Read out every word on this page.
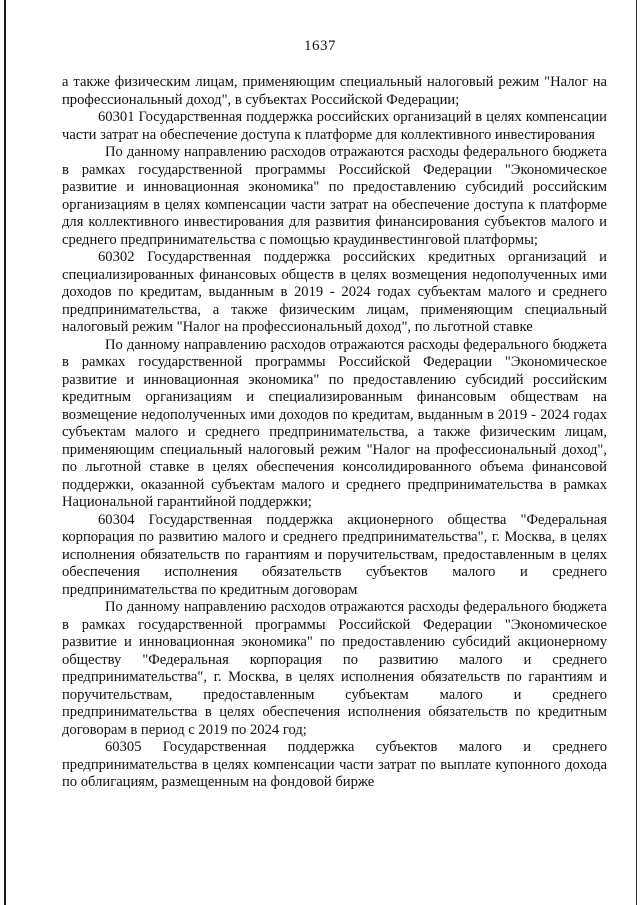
1637

а также физическим лицам, применяющим специальный налоговый режим "Налог на профессиональный доход", в субъектах Российской Федерации;

60301 Государственная поддержка российских организаций в целях компенсации части затрат на обеспечение доступа к платформе для коллективного инвестирования

По данному направлению расходов отражаются расходы федерального бюджета в рамках государственной программы Российской Федерации "Экономическое развитие и инновационная экономика" по предоставлению субсидий российским организациям в целях компенсации части затрат на обеспечение доступа к платформе для коллективного инвестирования для развития финансирования субъектов малого и среднего предпринимательства с помощью краудинвестинговой платформы;

60302 Государственная поддержка российских кредитных организаций и специализированных финансовых обществ в целях возмещения недополученных ими доходов по кредитам, выданным в 2019 - 2024 годах субъектам малого и среднего предпринимательства, а также физическим лицам, применяющим специальный налоговый режим "Налог на профессиональный доход", по льготной ставке

По данному направлению расходов отражаются расходы федерального бюджета в рамках государственной программы Российской Федерации "Экономическое развитие и инновационная экономика" по предоставлению субсидий российским кредитным организациям и специализированным финансовым обществам на возмещение недополученных ими доходов по кредитам, выданным в 2019 - 2024 годах субъектам малого и среднего предпринимательства, а также физическим лицам, применяющим специальный налоговый режим "Налог на профессиональный доход", по льготной ставке в целях обеспечения консолидированного объема финансовой поддержки, оказанной субъектам малого и среднего предпринимательства в рамках Национальной гарантийной поддержки;

60304 Государственная поддержка акционерного общества "Федеральная корпорация по развитию малого и среднего предпринимательства", г. Москва, в целях исполнения обязательств по гарантиям и поручительствам, предоставленным в целях обеспечения исполнения обязательств субъектов малого и среднего предпринимательства по кредитным договорам

По данному направлению расходов отражаются расходы федерального бюджета в рамках государственной программы Российской Федерации "Экономическое развитие и инновационная экономика" по предоставлению субсидий акционерному обществу "Федеральная корпорация по развитию малого и среднего предпринимательства", г. Москва, в целях исполнения обязательств по гарантиям и поручительствам, предоставленным субъектам малого и среднего предпринимательства в целях обеспечения исполнения обязательств по кредитным договорам в период с 2019 по 2024 год;

60305 Государственная поддержка субъектов малого и среднего предпринимательства в целях компенсации части затрат по выплате купонного дохода по облигациям, размещенным на фондовой бирже
